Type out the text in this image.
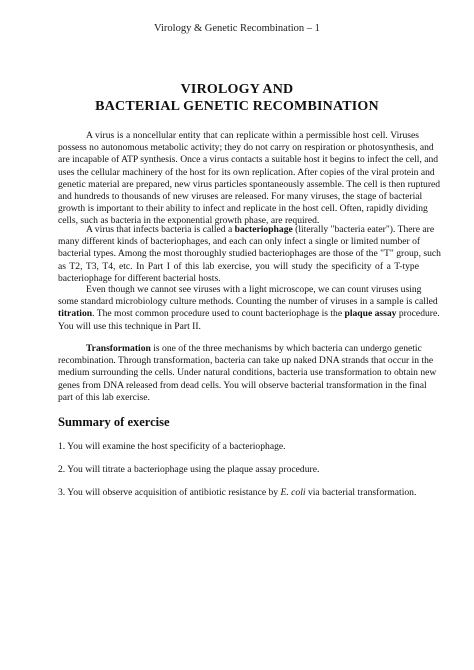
Virology & Genetic Recombination – 1
VIROLOGY AND
BACTERIAL GENETIC RECOMBINATION
A virus is a noncellular entity that can replicate within a permissible host cell. Viruses
possess no autonomous metabolic activity; they do not carry on respiration or photosynthesis, and
are incapable of ATP synthesis. Once a virus contacts a suitable host it begins to infect the cell, and
uses the cellular machinery of the host for its own replication. After copies of the viral protein and
genetic material are prepared, new virus particles spontaneously assemble. The cell is then ruptured
and hundreds to thousands of new viruses are released. For many viruses, the stage of bacterial
growth is important to their ability to infect and replicate in the host cell. Often, rapidly dividing
cells, such as bacteria in the exponential growth phase, are required.
A virus that infects bacteria is called a bacteriophage (literally "bacteria eater"). There are
many different kinds of bacteriophages, and each can only infect a single or limited number of
bacterial types. Among the most thoroughly studied bacteriophages are those of the "T" group, such
as T2, T3, T4, etc. In Part I of this lab exercise, you will study the specificity of a T-type
bacteriophage for different bacterial hosts.
Even though we cannot see viruses with a light microscope, we can count viruses using
some standard microbiology culture methods. Counting the number of viruses in a sample is called
titration. The most common procedure used to count bacteriophage is the plaque assay procedure.
You will use this technique in Part II.
Transformation is one of the three mechanisms by which bacteria can undergo genetic
recombination. Through transformation, bacteria can take up naked DNA strands that occur in the
medium surrounding the cells. Under natural conditions, bacteria use transformation to obtain new
genes from DNA released from dead cells. You will observe bacterial transformation in the final
part of this lab exercise.
Summary of exercise
1. You will examine the host specificity of a bacteriophage.
2. You will titrate a bacteriophage using the plaque assay procedure.
3. You will observe acquisition of antibiotic resistance by E. coli via bacterial transformation.
